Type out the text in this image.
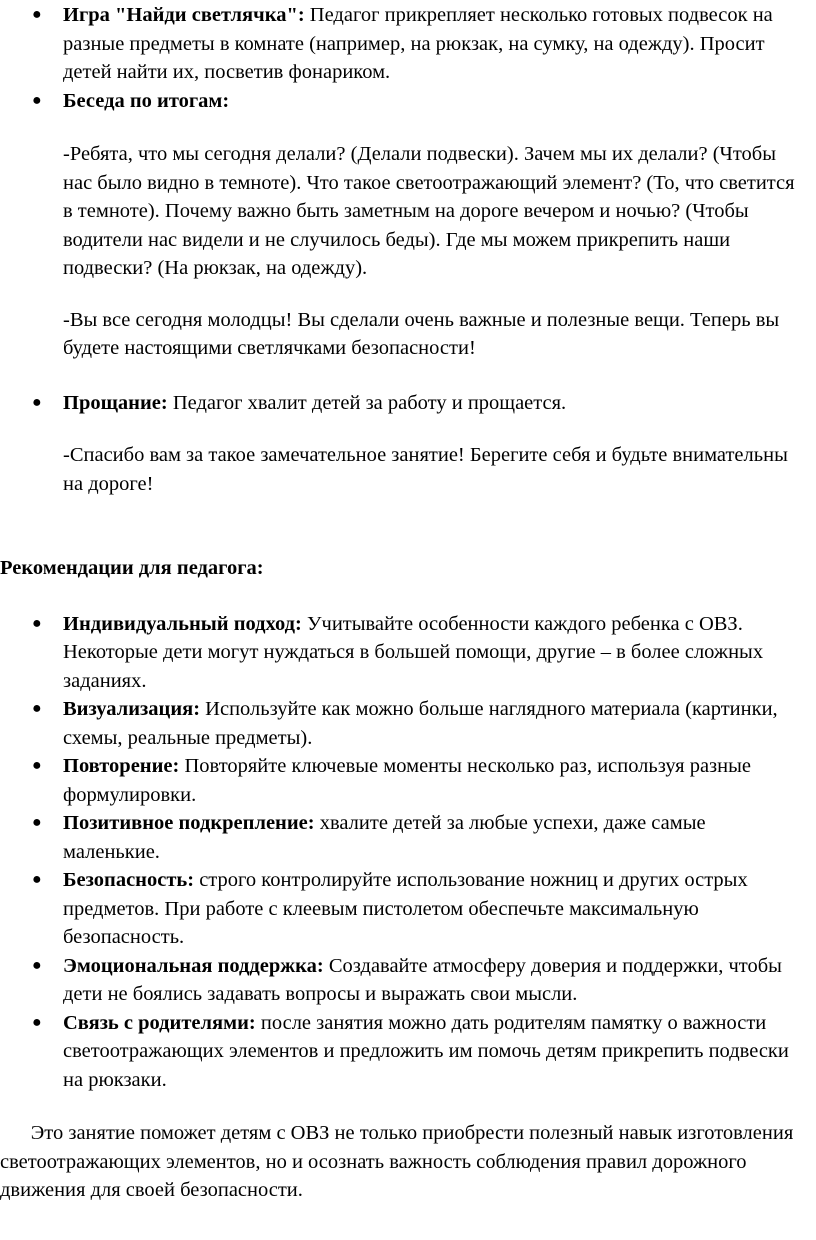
● Игра "Найди светлячка": Педагог прикрепляет несколько готовых подвесок на разные предметы в комнате (например, на рюкзак, на сумку, на одежду). Просит детей найти их, посветив фонариком.
● Беседа по итогам:

-Ребята, что мы сегодня делали? (Делали подвески). Зачем мы их делали? (Чтобы нас было видно в темноте). Что такое светоотражающий элемент? (То, что светится в темноте). Почему важно быть заметным на дороге вечером и ночью? (Чтобы водители нас видели и не случилось беды). Где мы можем прикрепить наши подвески? (На рюкзак, на одежду).

-Вы все сегодня молодцы! Вы сделали очень важные и полезные вещи. Теперь вы будете настоящими светлячками безопасности!

● Прощание: Педагог хвалит детей за работу и прощается.

-Спасибо вам за такое замечательное занятие! Берегите себя и будьте внимательны на дороге!

Рекомендации для педагога:

● Индивидуальный подход: Учитывайте особенности каждого ребенка с ОВЗ. Некоторые дети могут нуждаться в большей помощи, другие – в более сложных заданиях.
● Визуализация: Используйте как можно больше наглядного материала (картинки, схемы, реальные предметы).
● Повторение: Повторяйте ключевые моменты несколько раз, используя разные формулировки.
● Позитивное подкрепление: хвалите детей за любые успехи, даже самые маленькие.
● Безопасность: строго контролируйте использование ножниц и других острых предметов. При работе с клеевым пистолетом обеспечьте максимальную безопасность.
● Эмоциональная поддержка: Создавайте атмосферу доверия и поддержки, чтобы дети не боялись задавать вопросы и выражать свои мысли.
● Связь с родителями: после занятия можно дать родителям памятку о важности светоотражающих элементов и предложить им помочь детям прикрепить подвески на рюкзаки.

Это занятие поможет детям с ОВЗ не только приобрести полезный навык изготовления светоотражающих элементов, но и осознать важность соблюдения правил дорожного движения для своей безопасности.
